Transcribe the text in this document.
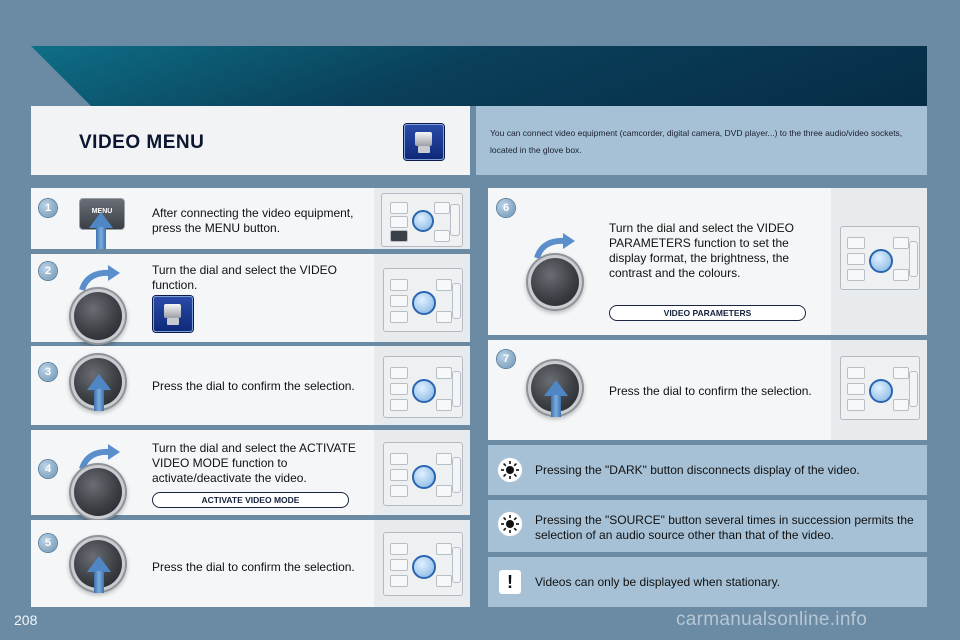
VIDEO MENU	You can connect video equipment (camcorder, digital camera, DVD player...) to the three audio/video sockets, located in the glove box.
1	MENU	After connecting the video equipment, press the MENU button.
2	Turn the dial and select the VIDEO function.
3
Press the dial to confirm the selection.
4
Turn the dial and select the ACTIVATE VIDEO MODE function to activate/deactivate the video.
ACTIVATE VIDEO MODE
5
Press the dial to confirm the selection.
6
Turn the dial and select the VIDEO PARAMETERS function to set the display format, the brightness, the contrast and the colours.
VIDEO PARAMETERS
7
Press the dial to confirm the selection.
Pressing the "DARK" button disconnects display of the video.
Pressing the "SOURCE" button several times in succession permits the selection of an audio source other than that of the video.
!	Videos can only be displayed when stationary.
208	carmanualsonline.info
